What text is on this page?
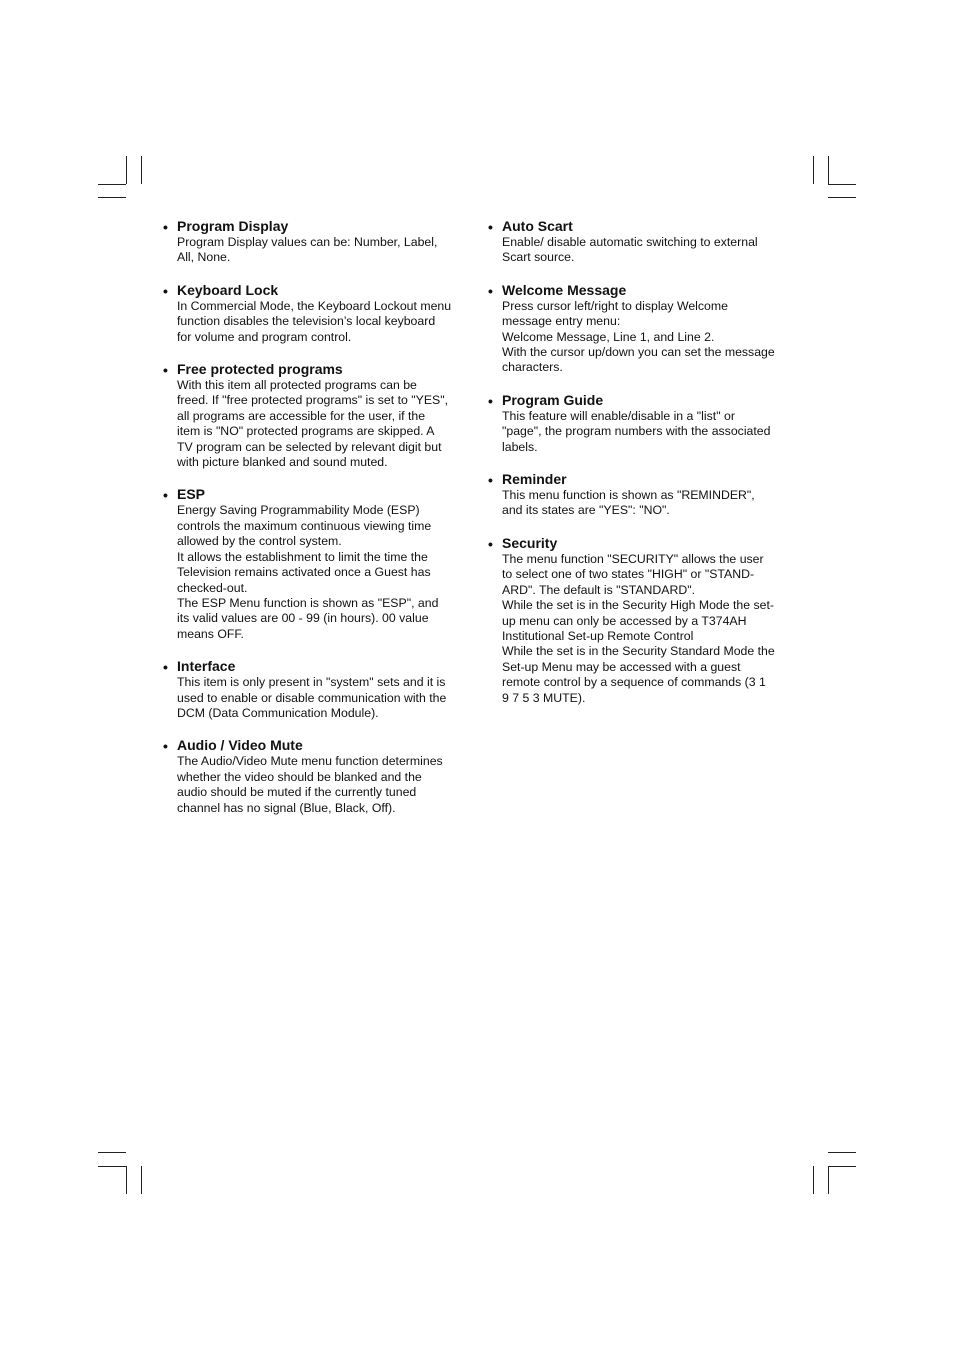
• Program Display

Program Display values can be: Number, Label,
All, None.

• Keyboard Lock

In Commercial Mode, the Keyboard Lockout menu
function disables the television’s local keyboard
for volume and program control.

• Free protected programs

With this item all protected programs can be
freed. If "free protected programs" is set to "YES",
all programs are accessible for the user, if the
item is "NO" protected programs are skipped. A
TV program can be selected by relevant digit but
with picture blanked and sound muted.

• ESP

Energy Saving Programmability Mode (ESP)
controls the maximum continuous viewing time
allowed by the control system.
It allows the establishment to limit the time the
Television remains activated once a Guest has
checked-out.
The ESP Menu function is shown as "ESP", and
its valid values are 00 - 99 (in hours). 00 value
means OFF.

• Interface

This item is only present in "system" sets and it is
used to enable or disable communication with the
DCM (Data Communication Module).

• Audio / Video Mute

The Audio/Video Mute menu function determines
whether the video should be blanked and the
audio should be muted if the currently tuned
channel has no signal (Blue, Black, Off).

• Auto Scart

Enable/ disable automatic switching to external
Scart source.

• Welcome Message

Press cursor left/right to display Welcome
message entry menu:
Welcome Message, Line 1, and Line 2.
With the cursor up/down you can set the message
characters.

• Program Guide

This feature will enable/disable in a "list" or
"page", the program numbers with the associated
labels.

• Reminder

This menu function is shown as "REMINDER",
and its states are "YES": "NO".

• Security

The menu function "SECURITY" allows the user
to select one of two states "HIGH" or "STAND-
ARD". The default is "STANDARD".
While the set is in the Security High Mode the set-
up menu can only be accessed by a T374AH
Institutional Set-up Remote Control
While the set is in the Security Standard Mode the
Set-up Menu may be accessed with a guest
remote control by a sequence of commands (3 1
9 7 5 3 MUTE).
